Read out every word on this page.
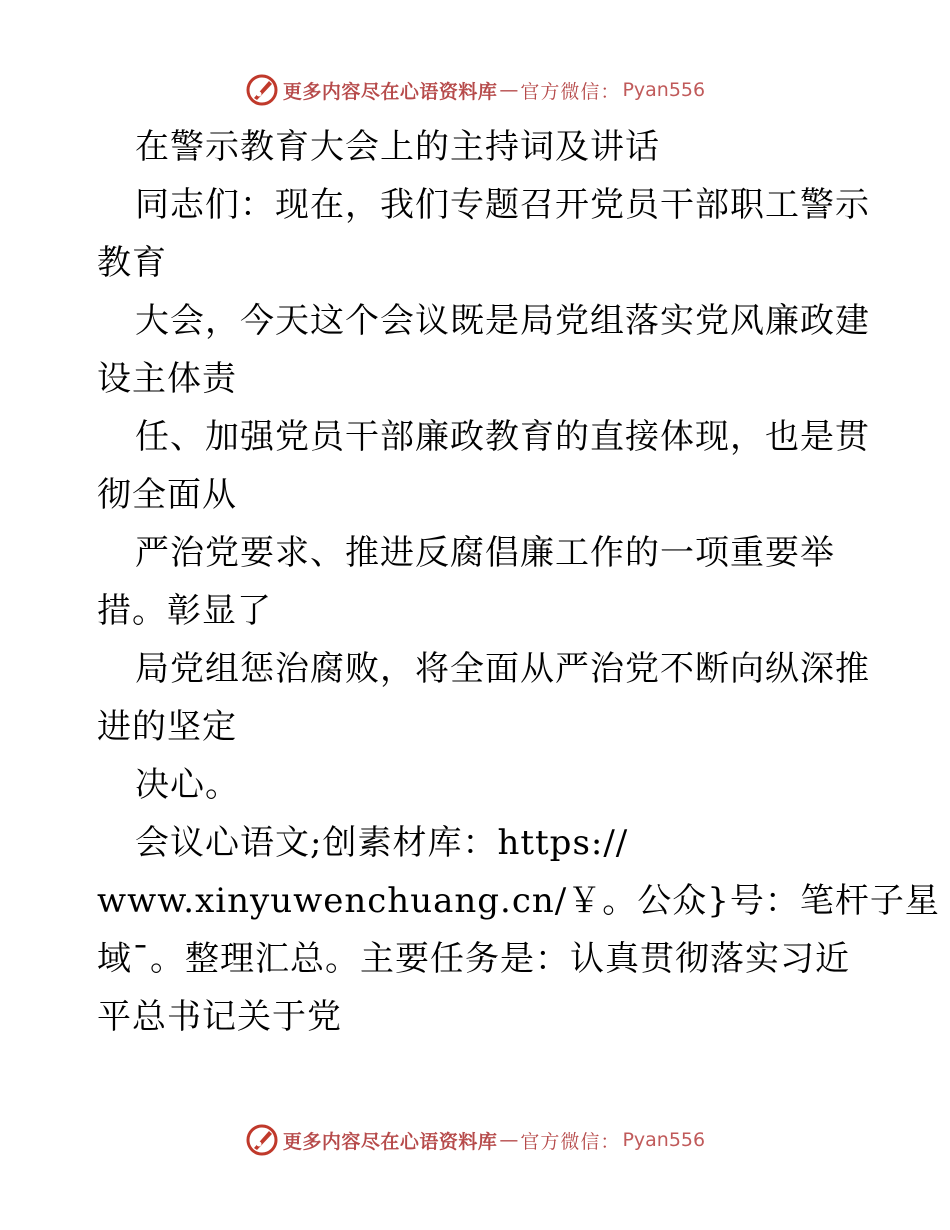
更多内容尽在心语资料库 — 官方微信： Pyan556
在警示教育大会上的主持词及讲话
同志们：现在，我们专题召开党员干部职工警示
教育
大会，今天这个会议既是局党组落实党风廉政建
设主体责
任、加强党员干部廉政教育的直接体现，也是贯
彻全面从
严治党要求、推进反腐倡廉工作的一项重要举
措。彰显了
局党组惩治腐败，将全面从严治党不断向纵深推
进的坚定
决心。
会议心语文;创素材库：https://
www.xinyuwenchuang.cn/￥。公众}号：笔杆子星
域¯。整理汇总。主要任务是：认真贯彻落实习近
平总书记关于党
更多内容尽在心语资料库 — 官方微信： Pyan556
